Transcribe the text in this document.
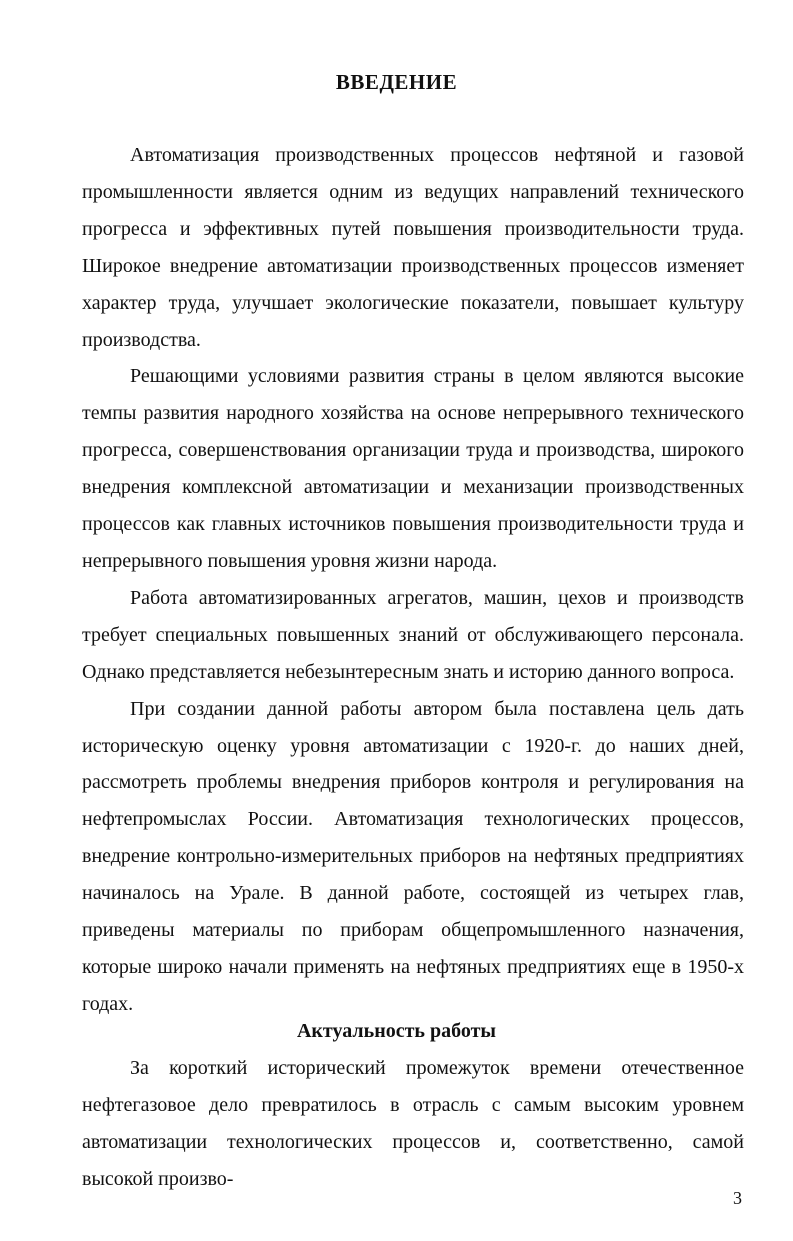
ВВЕДЕНИЕ

Автоматизация производственных процессов нефтяной и газовой промышленности является одним из ведущих направлений технического прогресса и эффективных путей повышения производительности труда. Широкое внедрение автоматизации производственных процессов изменяет характер труда, улучшает экологические показатели, повышает культуру производства.

Решающими условиями развития страны в целом являются высокие темпы развития народного хозяйства на основе непрерывного технического прогресса, совершенствования организации труда и производства, широкого внедрения комплексной автоматизации и механизации производственных процессов как главных источников повышения производительности труда и непрерывного повышения уровня жизни народа.

Работа автоматизированных агрегатов, машин, цехов и производств требует специальных повышенных знаний от обслуживающего персонала. Однако представляется небезынтересным знать и историю данного вопроса.

При создании данной работы автором была поставлена цель дать историческую оценку уровня автоматизации с 1920-г. до наших дней, рассмотреть проблемы внедрения приборов контроля и регулирования на нефтепромыслах России. Автоматизация технологических процессов, внедрение контрольно-измерительных приборов на нефтяных предприятиях начиналось на Урале. В данной работе, состоящей из четырех глав, приведены материалы по приборам общепромышленного назначения, которые широко начали применять на нефтяных предприятиях еще в 1950-х годах.

Актуальность работы

За короткий исторический промежуток времени отечественное нефтегазовое дело превратилось в отрасль с самым высоким уровнем автоматизации технологических процессов и, соответственно, самой высокой произво-

3
